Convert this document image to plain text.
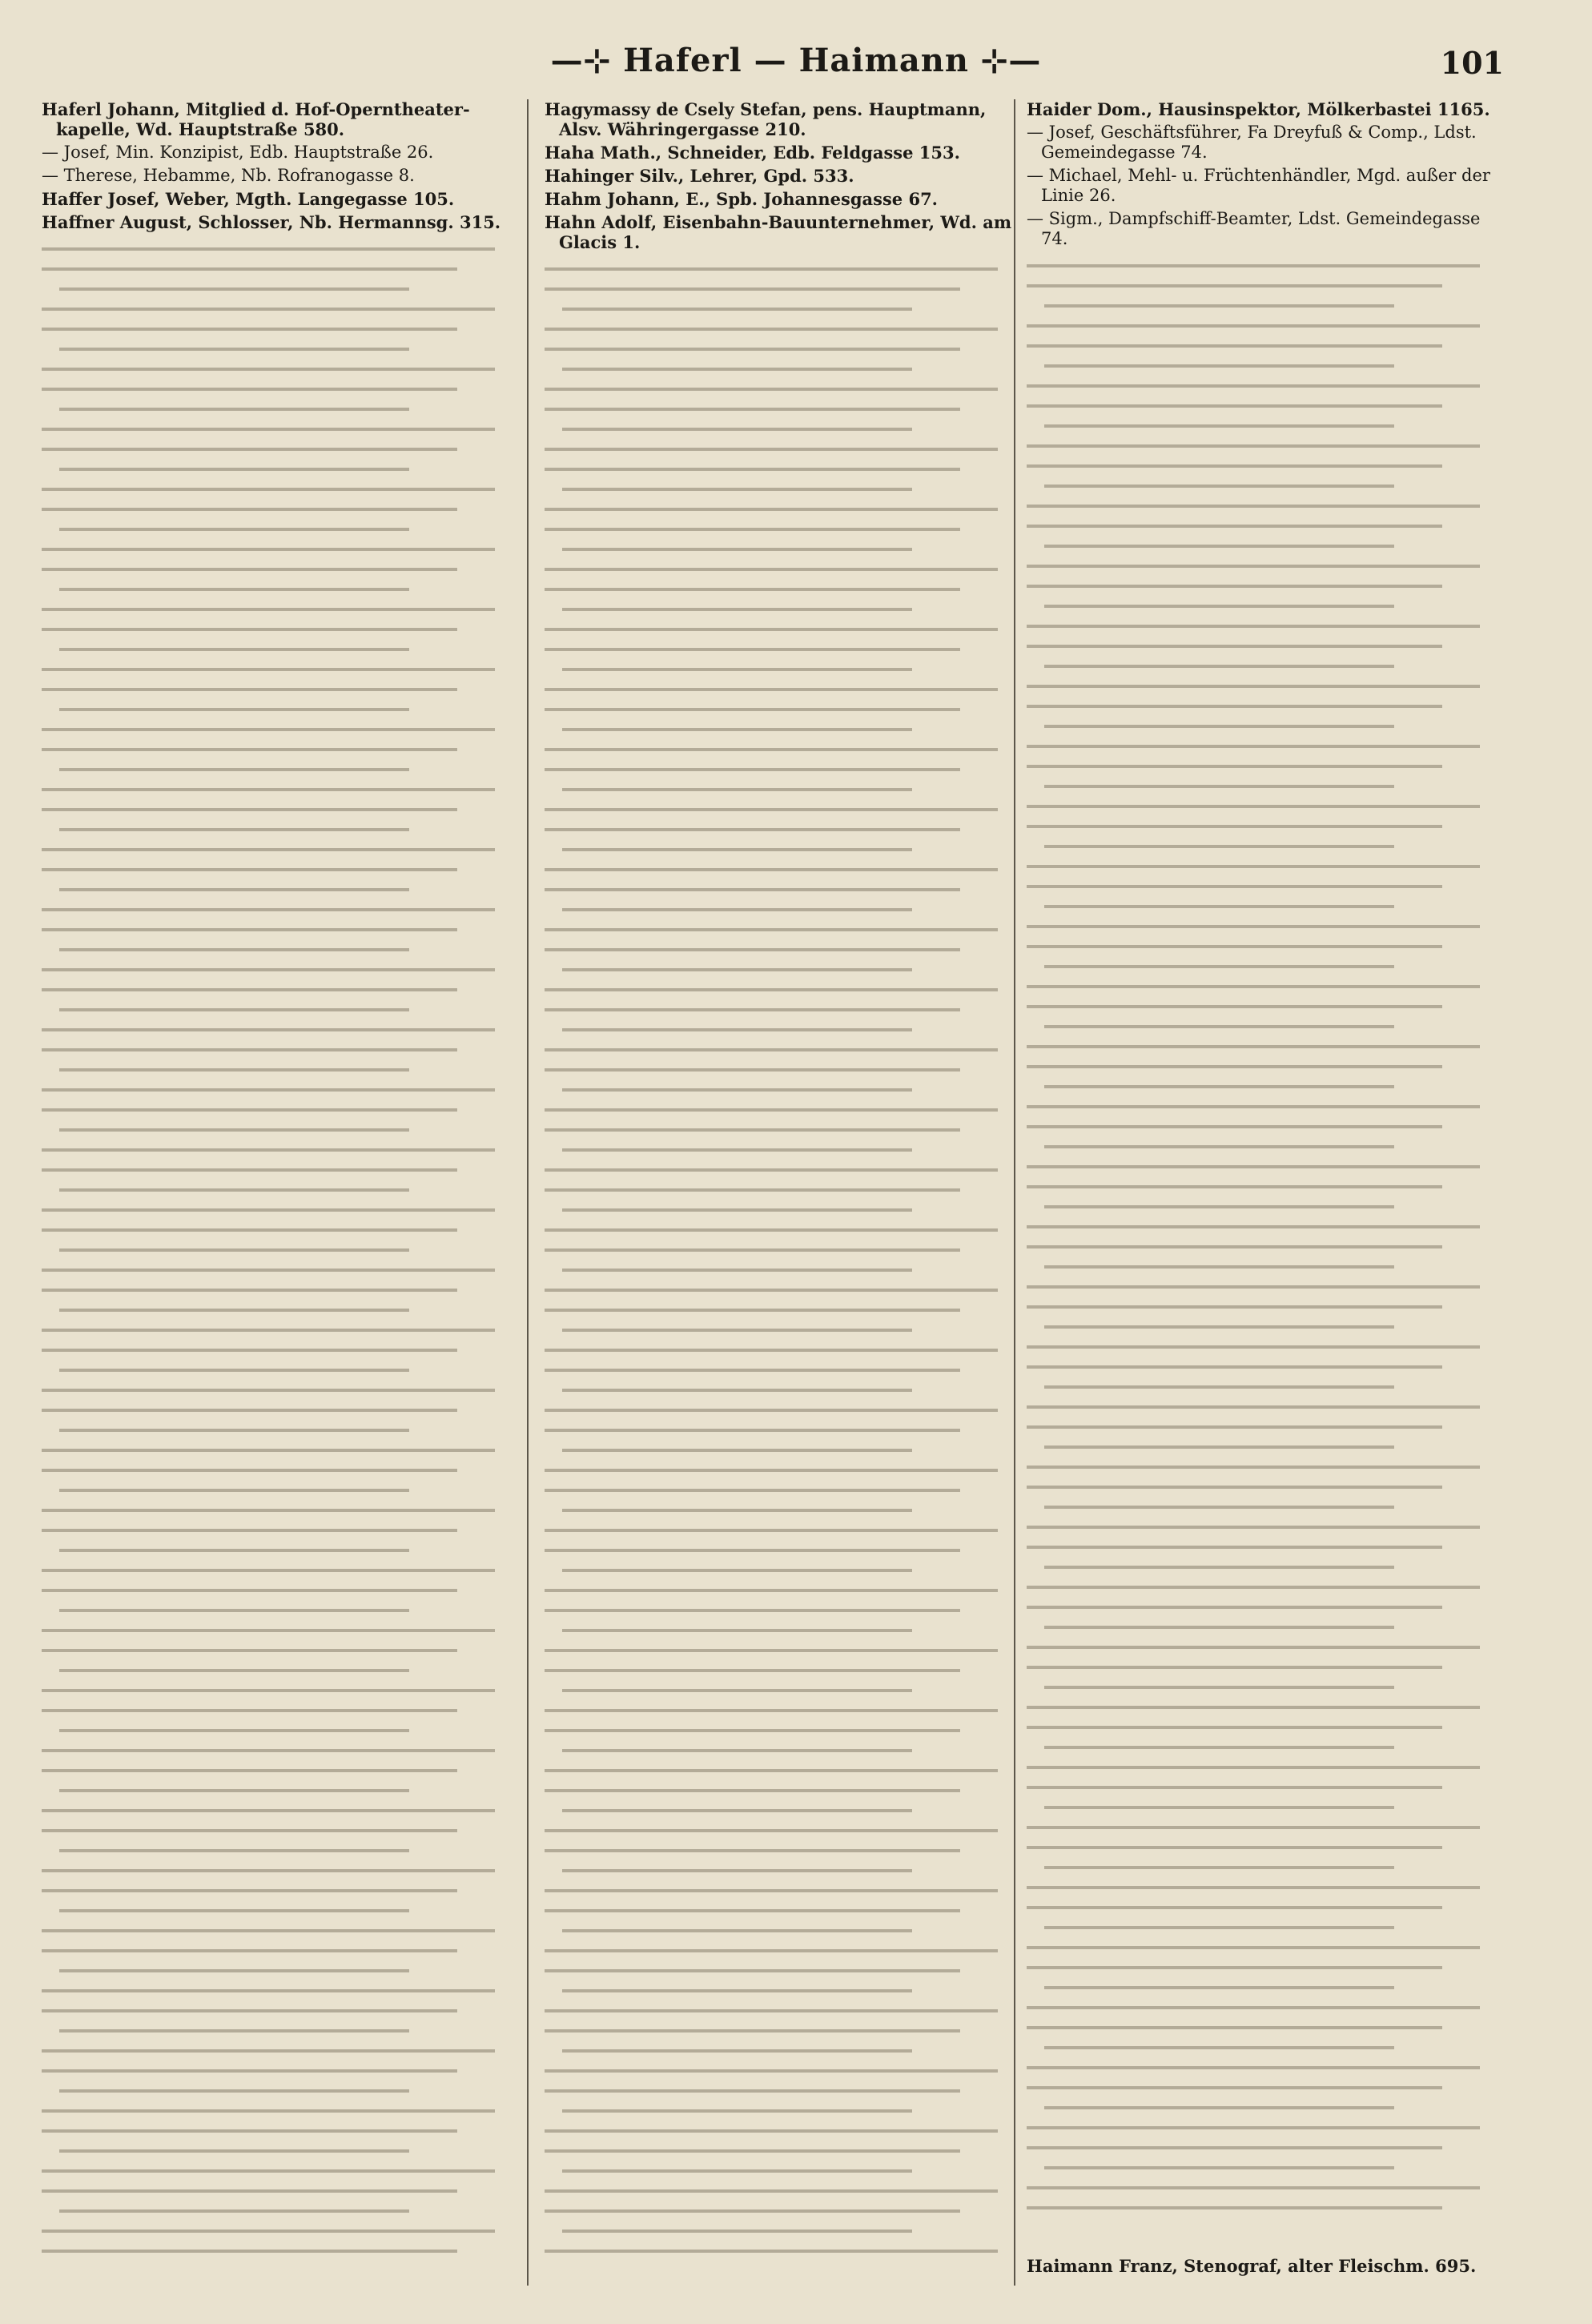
—⊹ Haferl — Haimann ⊹—	101

Haferl Johann, Mitglied d. Hof-Operntheater-kapelle, Wd. Hauptstraße 580.

— Josef, Min. Konzipist, Edb. Hauptstraße 26.

— Therese, Hebamme, Nb. Rofranogasse 8.

Haffer Josef, Weber, Mgth. Langegasse 105.

Haffner August, Schlosser, Nb. Hermannsg. 315.

Hagymassy de Csely Stefan, pens. Hauptmann, Alsv. Währingergasse 210.

Haha Math., Schneider, Edb. Feldgasse 153.

Hahinger Silv., Lehrer, Gpd. 533.

Hahm Johann, E., Spb. Johannesgasse 67.

Hahn Adolf, Eisenbahn-Bauunternehmer, Wd. am Glacis 1.

Haider Dom., Hausinspektor, Mölkerbastei 1165.

— Josef, Geschäftsführer, Fa Dreyfuß & Comp., Ldst. Gemeindegasse 74.

— Michael, Mehl- u. Früchtenhändler, Mgd. außer der Linie 26.

— Sigm., Dampfschiff-Beamter, Ldst. Gemeindegasse 74.

Haimann Franz, Stenograf, alter Fleischm. 695.
